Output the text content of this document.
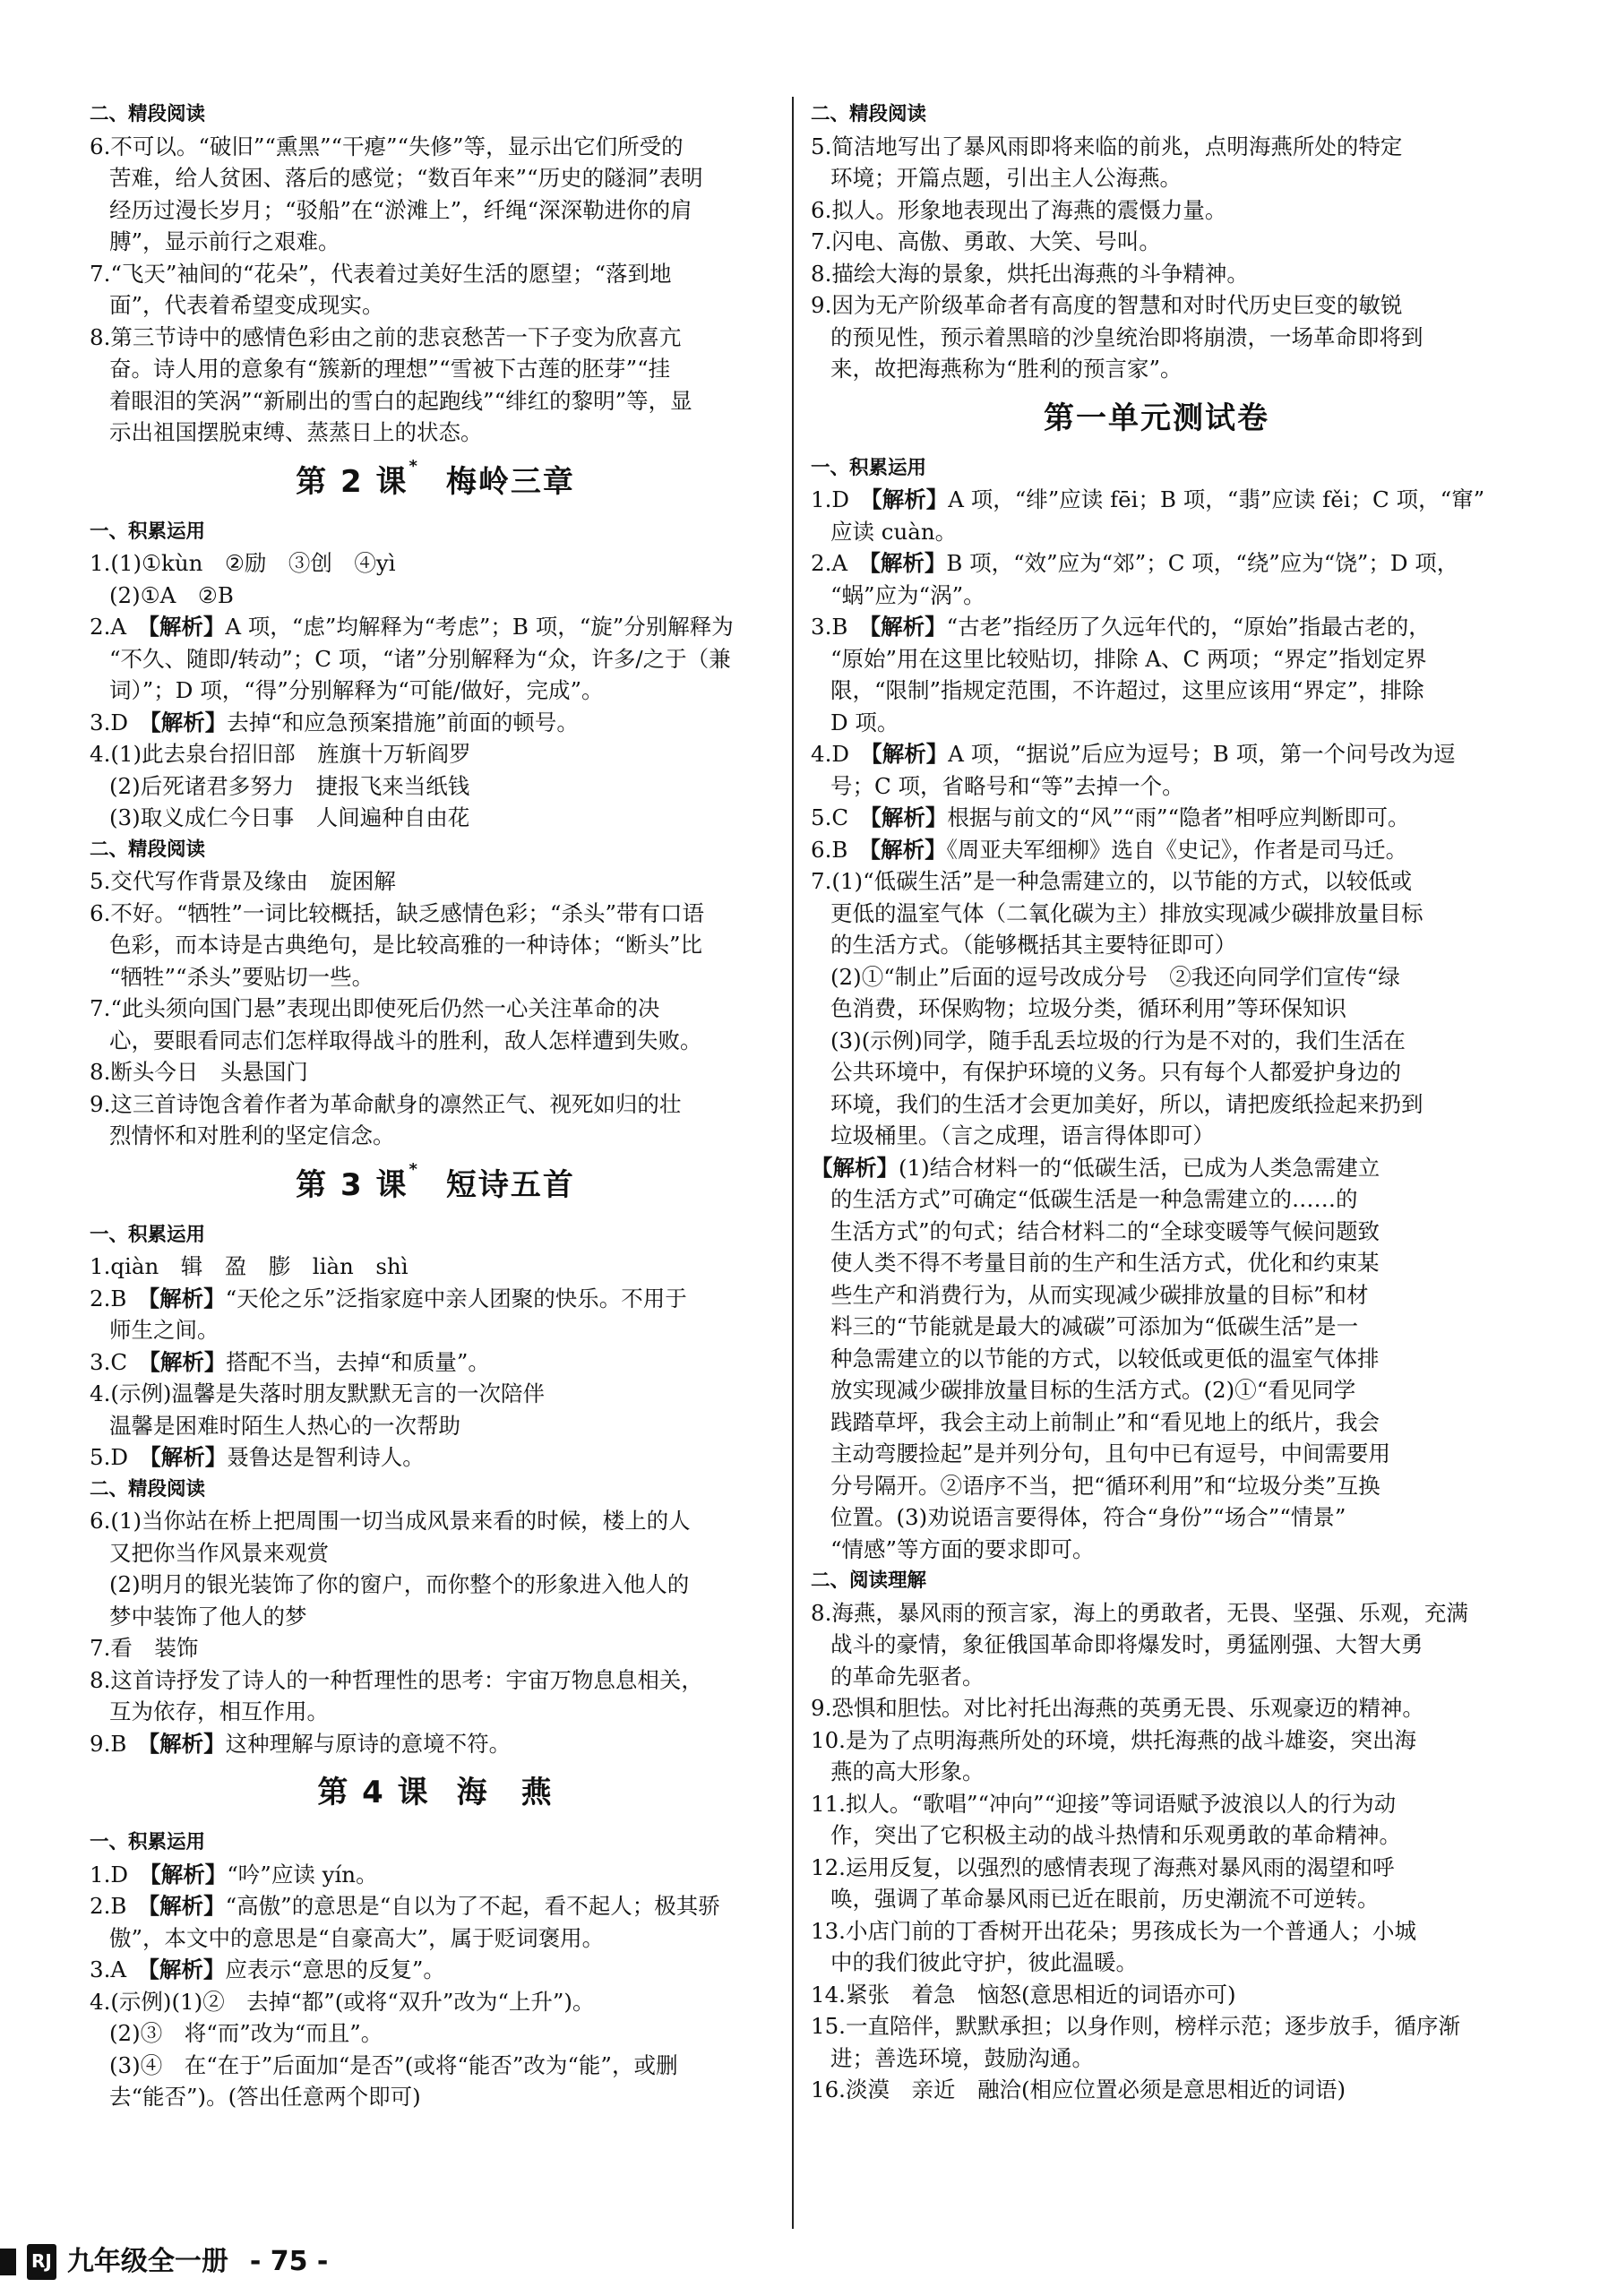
二、精段阅读

6.不可以。“破旧”“熏黑”“干瘪”“失修”等，显示出它们所受的

苦难，给人贫困、落后的感觉；“数百年来”“历史的隧洞”表明

经历过漫长岁月；“驳船”在“淤滩上”，纤绳“深深勒进你的肩

膊”，显示前行之艰难。

7.“飞天”袖间的“花朵”，代表着过美好生活的愿望；“落到地

面”，代表着希望变成现实。

8.第三节诗中的感情色彩由之前的悲哀愁苦一下子变为欣喜亢

奋。诗人用的意象有“簇新的理想”“雪被下古莲的胚芽”“挂

着眼泪的笑涡”“新刷出的雪白的起跑线”“绯红的黎明”等，显

示出祖国摆脱束缚、蒸蒸日上的状态。

第 2 课* 梅岭三章
一、积累运用

1.(1)①kùn　②励　③创　④yì

(2)①A　②B

2.A　【解析】A 项，“虑”均解释为“考虑”；B 项，“旋”分别解释为

“不久、随即/转动”；C 项，“诸”分别解释为“众，许多/之于（兼

词）”；D 项，“得”分别解释为“可能/做好，完成”。

3.D　【解析】去掉“和应急预案措施”前面的顿号。

4.(1)此去泉台招旧部　旌旗十万斩阎罗

(2)后死诸君多努力　捷报飞来当纸钱

(3)取义成仁今日事　人间遍种自由花

二、精段阅读

5.交代写作背景及缘由　旋困解

6.不好。“牺牲”一词比较概括，缺乏感情色彩；“杀头”带有口语

色彩，而本诗是古典绝句，是比较高雅的一种诗体；“断头”比

“牺牲”“杀头”要贴切一些。

7.“此头须向国门悬”表现出即使死后仍然一心关注革命的决

心，要眼看同志们怎样取得战斗的胜利，敌人怎样遭到失败。

8.断头今日　头悬国门

9.这三首诗饱含着作者为革命献身的凛然正气、视死如归的壮

烈情怀和对胜利的坚定信念。

第 3 课* 短诗五首
一、积累运用

1.qiàn　辑　盈　膨　liàn　shì

2.B　【解析】“天伦之乐”泛指家庭中亲人团聚的快乐。不用于

师生之间。

3.C　【解析】搭配不当，去掉“和质量”。

4.(示例)温馨是失落时朋友默默无言的一次陪伴

温馨是困难时陌生人热心的一次帮助

5.D　【解析】聂鲁达是智利诗人。

二、精段阅读

6.(1)当你站在桥上把周围一切当成风景来看的时候，楼上的人

又把你当作风景来观赏

(2)明月的银光装饰了你的窗户，而你整个的形象进入他人的

梦中装饰了他人的梦

7.看　装饰

8.这首诗抒发了诗人的一种哲理性的思考：宇宙万物息息相关，

互为依存，相互作用。

9.B　【解析】这种理解与原诗的意境不符。

第 4 课 海　燕
一、积累运用

1.D　【解析】“吟”应读 yín。

2.B　【解析】“高傲”的意思是“自以为了不起，看不起人；极其骄

傲”，本文中的意思是“自豪高大”，属于贬词褒用。

3.A　【解析】应表示“意思的反复”。

4.(示例)(1)②　去掉“都”(或将“双升”改为“上升”)。

(2)③　将“而”改为“而且”。

(3)④　在“在于”后面加“是否”(或将“能否”改为“能”，或删

去“能否”)。(答出任意两个即可)

二、精段阅读

5.简洁地写出了暴风雨即将来临的前兆，点明海燕所处的特定

环境；开篇点题，引出主人公海燕。

6.拟人。形象地表现出了海燕的震慑力量。

7.闪电、高傲、勇敢、大笑、号叫。

8.描绘大海的景象，烘托出海燕的斗争精神。

9.因为无产阶级革命者有高度的智慧和对时代历史巨变的敏锐

的预见性，预示着黑暗的沙皇统治即将崩溃，一场革命即将到

来，故把海燕称为“胜利的预言家”。

第一单元测试卷
一、积累运用

1.D　【解析】A 项，“绯”应读 fēi；B 项，“翡”应读 fěi；C 项，“窜”

应读 cuàn。

2.A　【解析】B 项，“效”应为“郊”；C 项，“绕”应为“饶”；D 项，

“蜗”应为“涡”。

3.B　【解析】“古老”指经历了久远年代的，“原始”指最古老的，

“原始”用在这里比较贴切，排除 A、C 两项；“界定”指划定界

限，“限制”指规定范围，不许超过，这里应该用“界定”，排除

D 项。

4.D　【解析】A 项，“据说”后应为逗号；B 项，第一个问号改为逗

号；C 项，省略号和“等”去掉一个。

5.C　【解析】根据与前文的“风”“雨”“隐者”相呼应判断即可。

6.B　【解析】《周亚夫军细柳》选自《史记》，作者是司马迁。

7.(1)“低碳生活”是一种急需建立的，以节能的方式，以较低或

更低的温室气体（二氧化碳为主）排放实现减少碳排放量目标

的生活方式。（能够概括其主要特征即可）

(2)①“制止”后面的逗号改成分号　②我还向同学们宣传“绿

色消费，环保购物；垃圾分类，循环利用”等环保知识

(3)(示例)同学，随手乱丢垃圾的行为是不对的，我们生活在

公共环境中，有保护环境的义务。只有每个人都爱护身边的

环境，我们的生活才会更加美好，所以，请把废纸捡起来扔到

垃圾桶里。（言之成理，语言得体即可）

【解析】(1)结合材料一的“低碳生活，已成为人类急需建立

的生活方式”可确定“低碳生活是一种急需建立的……的

生活方式”的句式；结合材料二的“全球变暖等气候问题致

使人类不得不考量目前的生产和生活方式，优化和约束某

些生产和消费行为，从而实现减少碳排放量的目标”和材

料三的“节能就是最大的减碳”可添加为“低碳生活”是一

种急需建立的以节能的方式，以较低或更低的温室气体排

放实现减少碳排放量目标的生活方式。(2)①“看见同学

践踏草坪，我会主动上前制止”和“看见地上的纸片，我会

主动弯腰捡起”是并列分句，且句中已有逗号，中间需要用

分号隔开。②语序不当，把“循环利用”和“垃圾分类”互换

位置。(3)劝说语言要得体，符合“身份”“场合”“情景”

“情感”等方面的要求即可。

二、阅读理解

8.海燕，暴风雨的预言家，海上的勇敢者，无畏、坚强、乐观，充满

战斗的豪情，象征俄国革命即将爆发时，勇猛刚强、大智大勇

的革命先驱者。

9.恐惧和胆怯。对比衬托出海燕的英勇无畏、乐观豪迈的精神。

10.是为了点明海燕所处的环境，烘托海燕的战斗雄姿，突出海

燕的高大形象。

11.拟人。“歌唱”“冲向”“迎接”等词语赋予波浪以人的行为动

作，突出了它积极主动的战斗热情和乐观勇敢的革命精神。

12.运用反复，以强烈的感情表现了海燕对暴风雨的渴望和呼

唤，强调了革命暴风雨已近在眼前，历史潮流不可逆转。

13.小店门前的丁香树开出花朵；男孩成长为一个普通人；小城

中的我们彼此守护，彼此温暖。

14.紧张　着急　恼怒(意思相近的词语亦可)

15.一直陪伴，默默承担；以身作则，榜样示范；逐步放手，循序渐

进；善选环境，鼓励沟通。

16.淡漠　亲近　融洽(相应位置必须是意思相近的词语)

RJ 九年级全一册 - 75 -
